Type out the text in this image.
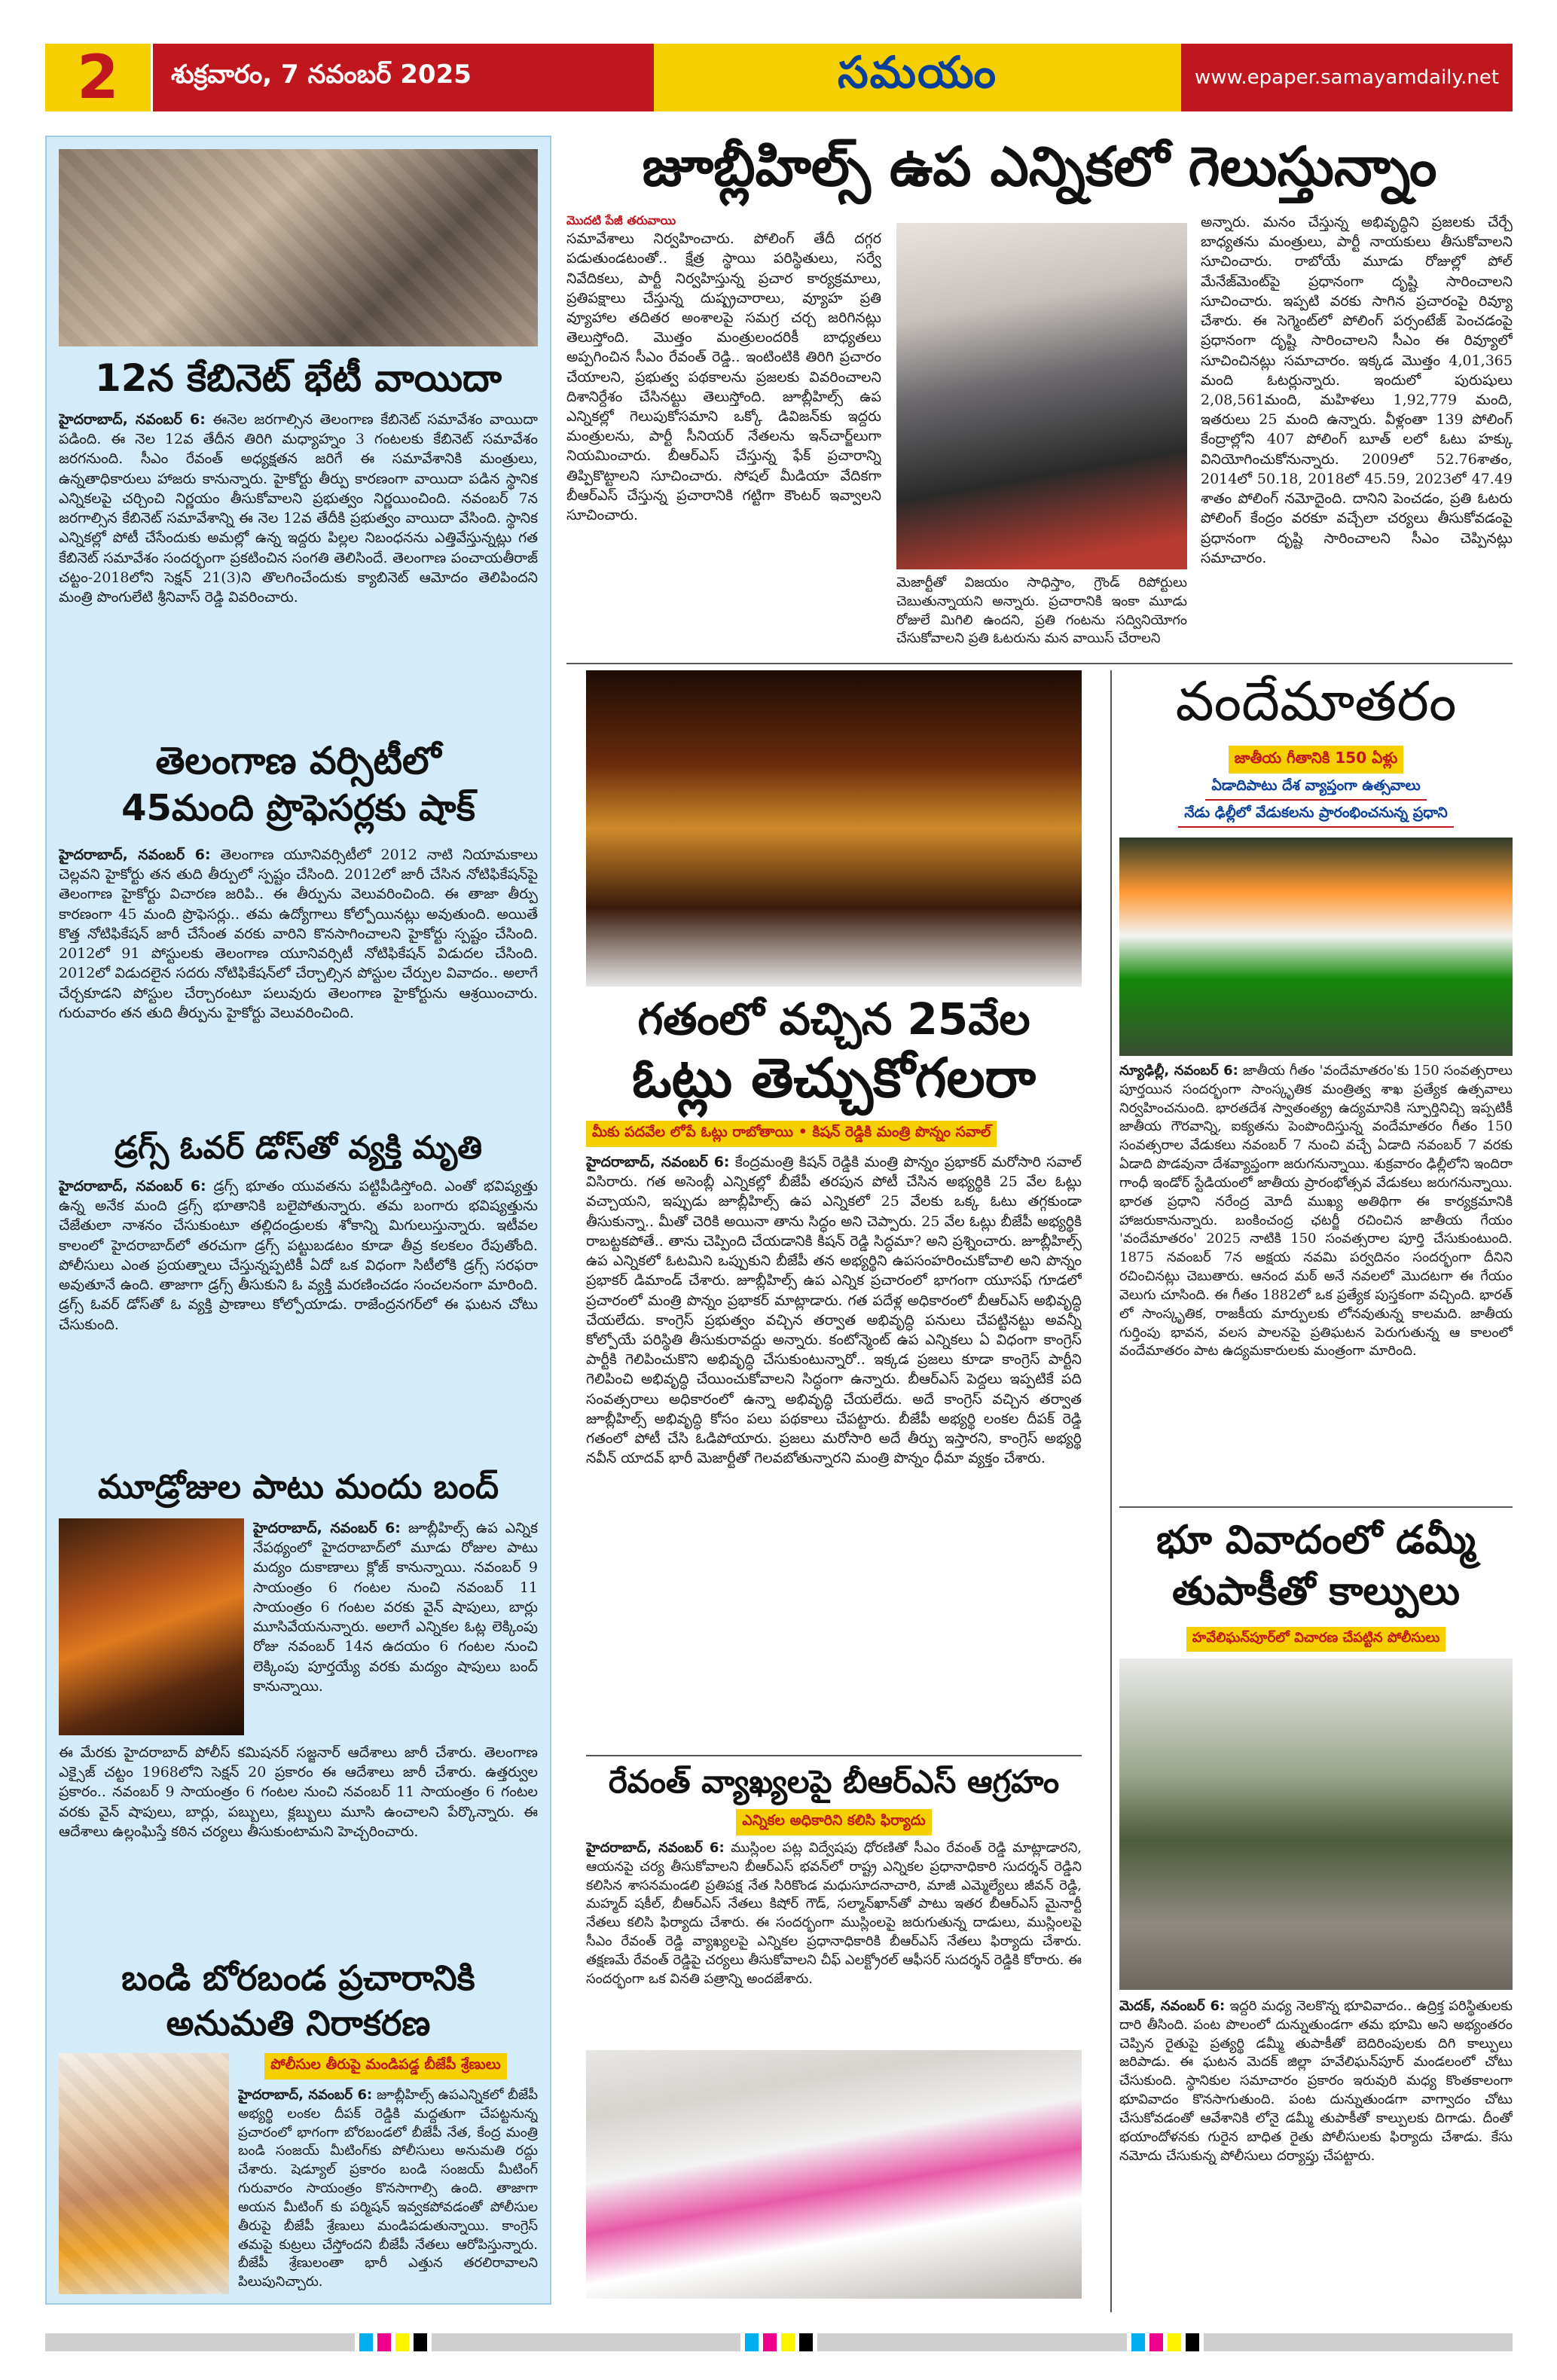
2	శుక్రవారం, 7 నవంబర్ 2025	సమయం	www.epaper.samayamdaily.net
12న కేబినెట్ భేటీ వాయిదా
హైదరాబాద్, నవంబర్ 6: ఈనెల జరగాల్సిన తెలంగాణ కేబినెట్ సమావేశం వాయిదా పడింది. ఈ నెల 12వ తేదీన తిరిగి మధ్యాహ్నం 3 గంటలకు కేబినెట్ సమావేశం జరగనుంది. సీఎం రేవంత్ అధ్యక్షతన జరిగే ఈ సమావేశానికి మంత్రులు, ఉన్నతాధికారులు హాజరు కానున్నారు. హైకోర్టు తీర్పు కారణంగా వాయిదా పడిన స్థానిక ఎన్నికలపై చర్చించి నిర్ణయం తీసుకోవాలని ప్రభుత్వం నిర్ణయించింది. నవంబర్ 7న జరగాల్సిన కేబినెట్ సమావేశాన్ని ఈ నెల 12వ తేదీకి ప్రభుత్వం వాయిదా వేసింది. స్థానిక ఎన్నికల్లో పోటీ చేసేందుకు అమల్లో ఉన్న ఇద్దరు పిల్లల నిబంధనను ఎత్తివేస్తున్నట్లు గత కేబినెట్ సమావేశం సందర్భంగా ప్రకటించిన సంగతి తెలిసిందే. తెలంగాణ పంచాయతీరాజ్ చట్టం-2018లోని సెక్షన్ 21(3)ని తొలగించేందుకు క్యాబినెట్ ఆమోదం తెలిపిందని మంత్రి పొంగులేటి శ్రీనివాస్ రెడ్డి వివరించారు.
తెలంగాణ వర్సిటీలో
45మంది ప్రొఫెసర్లకు షాక్
హైదరాబాద్, నవంబర్ 6: తెలంగాణ యూనివర్సిటీలో 2012 నాటి నియామకాలు చెల్లవని హైకోర్టు తన తుది తీర్పులో స్పష్టం చేసింది. 2012లో జారీ చేసిన నోటిఫికేషన్‌పై తెలంగాణ హైకోర్టు విచారణ జరిపి.. ఈ తీర్పును వెలువరించింది. ఈ తాజా తీర్పు కారణంగా 45 మంది ప్రొఫెసర్లు.. తమ ఉద్యోగాలు కోల్పోయినట్లు అవుతుంది. అయితే కొత్త నోటిఫికేషన్ జారీ చేసేంత వరకు వారిని కొనసాగించాలని హైకోర్టు స్పష్టం చేసింది. 2012లో 91 పోస్టులకు తెలంగాణ యూనివర్సిటీ నోటిఫికేషన్ విడుదల చేసింది. 2012లో విడుదలైన సదరు నోటిఫికేషన్‌లో చేర్చాల్సిన పోస్టుల చేర్పుల వివాదం.. అలాగే చేర్చకూడని పోస్టుల చేర్చారంటూ పలువురు తెలంగాణ హైకోర్టును ఆశ్రయించారు. గురువారం తన తుది తీర్పును హైకోర్టు వెలువరించింది.
డ్రగ్స్ ఓవర్ డోస్‌తో వ్యక్తి మృతి
హైదరాబాద్, నవంబర్ 6: డ్రగ్స్ భూతం యువతను పట్టిపీడిస్తోంది. ఎంతో భవిష్యత్తు ఉన్న అనేక మంది డ్రగ్స్ భూతానికి బలైపోతున్నారు. తమ బంగారు భవిష్యత్తును చేజేతులా నాశనం చేసుకుంటూ తల్లిదండ్రులకు శోకాన్ని మిగులుస్తున్నారు. ఇటీవల కాలంలో హైదరాబాద్‌లో తరచుగా డ్రగ్స్ పట్టుబడటం కూడా తీవ్ర కలకలం రేపుతోంది. పోలీసులు ఎంత ప్రయత్నాలు చేస్తున్నప్పటికీ ఏదో ఒక విధంగా సిటీలోకి డ్రగ్స్ సరఫరా అవుతూనే ఉంది. తాజాగా డ్రగ్స్ తీసుకుని ఓ వ్యక్తి మరణించడం సంచలనంగా మారింది. డ్రగ్స్ ఓవర్ డోస్‌తో ఓ వ్యక్తి ప్రాణాలు కోల్పోయాడు. రాజేంద్రనగర్‌లో ఈ ఘటన చోటు చేసుకుంది.
మూడ్రోజుల పాటు మందు బంద్
హైదరాబాద్, నవంబర్ 6: జూబ్లీహిల్స్ ఉప ఎన్నిక నేపథ్యంలో హైదరాబాద్‌లో మూడు రోజుల పాటు మద్యం దుకాణాలు క్లోజ్ కానున్నాయి. నవంబర్ 9 సాయంత్రం 6 గంటల నుంచి నవంబర్ 11 సాయంత్రం 6 గంటల వరకు వైన్ షాపులు, బార్లు మూసివేయనున్నారు. అలాగే ఎన్నికల ఓట్ల లెక్కింపు రోజు నవంబర్ 14న ఉదయం 6 గంటల నుంచి లెక్కింపు పూర్తయ్యే వరకు మద్యం షాపులు బంద్ కానున్నాయి.
ఈ మేరకు హైదరాబాద్ పోలీస్ కమిషనర్ సజ్జనార్ ఆదేశాలు జారీ చేశారు. తెలంగాణ ఎక్సైజ్ చట్టం 1968లోని సెక్షన్ 20 ప్రకారం ఈ ఆదేశాలు జారీ చేశారు. ఉత్తర్వుల ప్రకారం.. నవంబర్ 9 సాయంత్రం 6 గంటల నుంచి నవంబర్ 11 సాయంత్రం 6 గంటల వరకు వైన్ షాపులు, బార్లు, పబ్బులు, క్లబ్బులు మూసి ఉంచాలని పేర్కొన్నారు. ఈ ఆదేశాలు ఉల్లంఘిస్తే కఠిన చర్యలు తీసుకుంటామని హెచ్చరించారు.
బండి బోరబండ ప్రచారానికి
అనుమతి నిరాకరణ
పోలీసుల తీరుపై మండిపడ్డ బీజేపీ శ్రేణులు
హైదరాబాద్, నవంబర్ 6: జూబ్లీహిల్స్ ఉపఎన్నికలో బీజేపీ అభ్యర్థి లంకల దీపక్ రెడ్డికి మద్దతుగా చేపట్టనున్న ప్రచారంలో భాగంగా బోరబండలో బీజేపీ నేత, కేంద్ర మంత్రి బండి సంజయ్ మీటింగ్‌కు పోలీసులు అనుమతి రద్దు చేశారు. షెడ్యూల్ ప్రకారం బండి సంజయ్ మీటింగ్ గురువారం సాయంత్రం కొనసాగాల్సి ఉంది. తాజాగా అయన మీటింగ్ కు పర్మిషన్ ఇవ్వకపోవడంతో పోలీసుల తీరుపై బీజేపీ శ్రేణులు మండిపడుతున్నాయి. కాంగ్రెస్ తమపై కుట్రలు చేస్తోందని బీజేపీ నేతలు ఆరోపిస్తున్నారు. బీజేపీ శ్రేణులంతా భారీ ఎత్తున తరలిరావాలని పిలుపునిచ్చారు.
జూబ్లీహిల్స్ ఉప ఎన్నికలో గెలుస్తున్నాం
మొదటి పేజీ తరువాయి
సమావేశాలు నిర్వహించారు. పోలింగ్ తేదీ దగ్గర పడుతుండటంతో.. క్షేత్ర స్థాయి పరిస్థితులు, సర్వే నివేదికలు, పార్టీ నిర్వహిస్తున్న ప్రచార కార్యక్రమాలు, ప్రతిపక్షాలు చేస్తున్న దుష్ప్రచారాలు, వ్యూహ ప్రతి వ్యూహాల తదితర అంశాలపై సమగ్ర చర్చ జరిగినట్లు తెలుస్తోంది. మొత్తం మంత్రులందరికీ బాధ్యతలు అప్పగించిన సీఎం రేవంత్ రెడ్డి.. ఇంటింటికి తిరిగి ప్రచారం చేయాలని, ప్రభుత్వ పథకాలను ప్రజలకు వివరించాలని దిశానిర్దేశం చేసినట్టు తెలుస్తోంది. జూబ్లీహిల్స్ ఉప ఎన్నికల్లో గెలుపుకోసమాని ఒక్కో డివిజన్‌కు ఇద్దరు మంత్రులను, పార్టీ సీనియర్ నేతలను ఇన్‌చార్జ్‌లుగా నియమించారు. బీఆర్ఎస్ చేస్తున్న ఫేక్ ప్రచారాన్ని తిప్పికొట్టాలని సూచించారు. సోషల్ మీడియా వేదికగా బీఆర్ఎస్ చేస్తున్న ప్రచారానికి గట్టిగా కౌంటర్ ఇవ్వాలని సూచించారు.
మెజార్టీతో విజయం సాధిస్తాం, గ్రౌండ్ రిపోర్టులు చెబుతున్నాయని అన్నారు. ప్రచారానికి ఇంకా మూడు రోజులే మిగిలి ఉందని, ప్రతి గంటను సద్వినియోగం చేసుకోవాలని ప్రతి ఓటరును మన వాయిస్ చేరాలని
అన్నారు. మనం చేస్తున్న అభివృద్ధిని ప్రజలకు చేర్చే బాధ్యతను మంత్రులు, పార్టీ నాయకులు తీసుకోవాలని సూచించారు. రాబోయే మూడు రోజుల్లో పోల్ మేనేజ్‌మెంట్‌పై ప్రధానంగా దృష్టి సారించాలని సూచించారు. ఇప్పటి వరకు సాగిన ప్రచారంపై రివ్యూ చేశారు. ఈ సెగ్మెంట్‌లో పోలింగ్ పర్సంటేజ్ పెంచడంపై ప్రధానంగా దృష్టి సారించాలని సీఎం ఈ రివ్యూలో సూచించినట్లు సమాచారం. ఇక్కడ మొత్తం 4,01,365 మంది ఓటర్లున్నారు. ఇందులో పురుషులు 2,08,561మంది, మహిళలు 1,92,779 మంది, ఇతరులు 25 మంది ఉన్నారు. వీళ్లంతా 139 పోలింగ్ కేంద్రాల్లోని 407 పోలింగ్ బూత్ లలో ఓటు హక్కు వినియోగించుకోనున్నారు. 2009లో 52.76శాతం, 2014లో 50.18, 2018లో 45.59, 2023లో 47.49 శాతం పోలింగ్ నమోదైంది. దానిని పెంచడం, ప్రతి ఓటరు పోలింగ్ కేంద్రం వరకూ వచ్చేలా చర్యలు తీసుకోవడంపై ప్రధానంగా దృష్టి సారించాలని సీఎం చెప్పినట్లు సమాచారం.
గతంలో వచ్చిన 25వేల
ఓట్లు తెచ్చుకోగలరా
మీకు పదవేల లోపే ఓట్లు రాబోతాయి • కిషన్ రెడ్డికి మంత్రి పొన్నం సవాల్
హైదరాబాద్, నవంబర్ 6: కేంద్రమంత్రి కిషన్ రెడ్డికి మంత్రి పొన్నం ప్రభాకర్ మరోసారి సవాల్ విసిరారు. గత అసెంబ్లీ ఎన్నికల్లో బీజేపీ తరపున పోటీ చేసిన అభ్యర్థికి 25 వేల ఓట్లు వచ్చాయని, ఇప్పుడు జూబ్లీహిల్స్ ఉప ఎన్నికలో 25 వేలకు ఒక్క ఓటు తగ్గకుండా తీసుకున్నా.. మీతో చెరికి అయినా తాను సిద్ధం అని చెప్పారు. 25 వేల ఓట్లు బీజేపీ అభ్యర్థికి రాబట్టకపోతే.. తాను చెప్పింది చేయడానికి కిషన్ రెడ్డి సిద్ధమా? అని ప్రశ్నించారు. జూబ్లీహిల్స్ ఉప ఎన్నికలో ఓటమిని ఒప్పుకుని బీజేపీ తన అభ్యర్థిని ఉపసంహరించుకోవాలి అని పొన్నం ప్రభాకర్ డిమాండ్ చేశారు. జూబ్లీహిల్స్ ఉప ఎన్నిక ప్రచారంలో భాగంగా యూసఫ్ గూడలో ప్రచారంలో మంత్రి పొన్నం ప్రభాకర్ మాట్లాడారు. గత పదేళ్ల అధికారంలో బీఆర్ఎస్ అభివృద్ధి చేయలేదు. కాంగ్రెస్ ప్రభుత్వం వచ్చిన తర్వాత అభివృద్ధి పనులు చేపట్టినట్టు అవన్నీ కోల్పోయే పరిస్థితి తీసుకురావద్దు అన్నారు. కంటోన్మెంట్ ఉప ఎన్నికలు ఏ విధంగా కాంగ్రెస్ పార్టీకి గెలిపించుకొని అభివృద్ధి చేసుకుంటున్నారో.. ఇక్కడ ప్రజలు కూడా కాంగ్రెస్ పార్టీని గెలిపించి అభివృద్ధి చేయించుకోవాలని సిద్ధంగా ఉన్నారు. బీఆర్ఎస్ పెద్దలు ఇప్పటికే పది సంవత్సరాలు అధికారంలో ఉన్నా అభివృద్ధి చేయలేదు. అదే కాంగ్రెస్ వచ్చిన తర్వాత జూబ్లీహిల్స్ అభివృద్ధి కోసం పలు పథకాలు చేపట్టారు. బీజేపీ అభ్యర్థి లంకల దీపక్ రెడ్డి గతంలో పోటీ చేసి ఓడిపోయారు. ప్రజలు మరోసారి అదే తీర్పు ఇస్తారని, కాంగ్రెస్ అభ్యర్థి నవీన్ యాదవ్ భారీ మెజార్టీతో గెలవబోతున్నారని మంత్రి పొన్నం ధీమా వ్యక్తం చేశారు.
రేవంత్ వ్యాఖ్యలపై బీఆర్ఎస్ ఆగ్రహం
ఎన్నికల అధికారిని కలిసి ఫిర్యాదు
హైదరాబాద్, నవంబర్ 6: ముస్లింల పట్ల విద్వేషపు ధోరణితో సీఎం రేవంత్ రెడ్డి మాట్లాడారని, ఆయనపై చర్య తీసుకోవాలని బీఆర్ఎస్ భవన్‌లో రాష్ట్ర ఎన్నికల ప్రధానాధికారి సుదర్శన్ రెడ్డిని కలిసిన శాసనమండలి ప్రతిపక్ష నేత సిరికొండ మధుసూదనాచారి, మాజీ ఎమ్మెల్యేలు జీవన్ రెడ్డి, మహ్మద్ షకీల్, బీఆర్ఎస్ నేతలు కిషోర్ గౌడ్, సల్మాన్‌ఖాన్‌తో పాటు ఇతర బీఆర్ఎస్ మైనార్టీ నేతలు కలిసి ఫిర్యాదు చేశారు. ఈ సందర్భంగా ముస్లింలపై జరుగుతున్న దాడులు, ముస్లింలపై సీఎం రేవంత్ రెడ్డి వ్యాఖ్యలపై ఎన్నికల ప్రధానాధికారికి బీఆర్ఎస్ నేతలు ఫిర్యాదు చేశారు. తక్షణమే రేవంత్ రెడ్డిపై చర్యలు తీసుకోవాలని చీఫ్ ఎలక్ట్రోరల్ ఆఫీసర్ సుదర్శన్ రెడ్డికి కోరారు. ఈ సందర్భంగా ఒక వినతి పత్రాన్ని అందజేశారు.
వందేమాతరం
జాతీయ గీతానికి 150 ఏళ్లు
ఏడాదిపాటు దేశ వ్యాప్తంగా ఉత్సవాలు
నేడు ఢిల్లీలో వేడుకలను ప్రారంభించనున్న ప్రధాని
న్యూఢిల్లీ, నవంబర్ 6: జాతీయ గీతం 'వందేమాతరం'కు 150 సంవత్సరాలు పూర్తయిన సందర్భంగా సాంస్కృతిక మంత్రిత్వ శాఖ ప్రత్యేక ఉత్సవాలు నిర్వహించనుంది. భారతదేశ స్వాతంత్య్ర ఉద్యమానికి స్ఫూర్తినిచ్చి ఇప్పటికీ జాతీయ గౌరవాన్ని, ఐక్యతను పెంపొందిస్తున్న వందేమాతరం గీతం 150 సంవత్సరాల వేడుకలు నవంబర్ 7 నుంచి వచ్చే ఏడాది నవంబర్ 7 వరకు ఏడాది పొడవునా దేశవ్యాప్తంగా జరుగనున్నాయి. శుక్రవారం ఢిల్లీలోని ఇందిరా గాంధీ ఇండోర్ స్టేడియంలో జాతీయ ప్రారంభోత్సవ వేడుకలు జరుగనున్నాయి. భారత ప్రధాని నరేంద్ర మోదీ ముఖ్య అతిథిగా ఈ కార్యక్రమానికి హాజరుకానున్నారు. బంకించంద్ర ఛటర్జీ రచించిన జాతీయ గేయం 'వందేమాతరం' 2025 నాటికి 150 సంవత్సరాల పూర్తి చేసుకుంటుంది. 1875 నవంబర్ 7న అక్షయ నవమి పర్వదినం సందర్భంగా దీనిని రచించినట్లు చెబుతారు. ఆనంద మఠ్ అనే నవలలో మొదటగా ఈ గేయం వెలుగు చూసింది. ఈ గీతం 1882లో ఒక ప్రత్యేక పుస్తకంగా వచ్చింది. భారత్ లో సాంస్కృతిక, రాజకీయ మార్పులకు లోనవుతున్న కాలమది. జాతీయ గుర్తింపు భావన, వలస పాలనపై ప్రతిఘటన పెరుగుతున్న ఆ కాలంలో వందేమాతరం పాట ఉద్యమకారులకు మంత్రంగా మారింది.
భూ వివాదంలో డమ్మీ
తుపాకీతో కాల్పులు
హవేలిఘన్‌పూర్‌లో విచారణ చేపట్టిన పోలీసులు
మెదక్, నవంబర్ 6: ఇద్దరి మధ్య నెలకొన్న భూవివాదం.. ఉద్రిక్త పరిస్థితులకు దారి తీసింది. పంట పొలంలో దున్నుతుండగా తమ భూమి అని అభ్యంతరం చెప్పిన రైతుపై ప్రత్యర్థి డమ్మీ తుపాకీతో బెదిరింపులకు దిగి కాల్పులు జరిపాడు. ఈ ఘటన మెదక్ జిల్లా హవేలిఘన్‌పూర్ మండలంలో చోటు చేసుకుంది. స్థానికుల సమాచారం ప్రకారం ఇరువురి మధ్య కొంతకాలంగా భూవివాదం కొనసాగుతుంది. పంట దున్నుతుండగా వాగ్వాదం చోటు చేసుకోవడంతో ఆవేశానికి లోనై డమ్మీ తుపాకీతో కాల్పులకు దిగాడు. దీంతో భయాందోళనకు గురైన బాధిత రైతు పోలీసులకు ఫిర్యాదు చేశాడు. కేసు నమోదు చేసుకున్న పోలీసులు దర్యాప్తు చేపట్టారు.
